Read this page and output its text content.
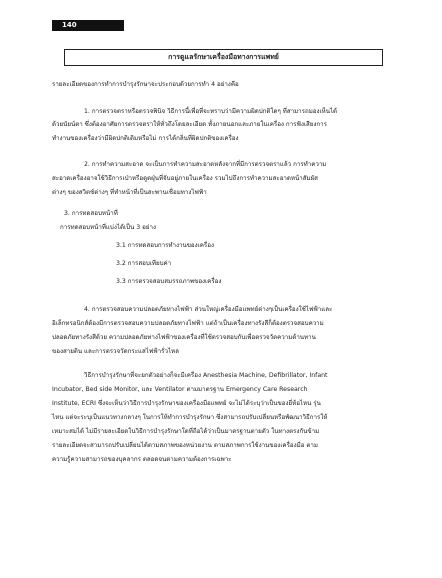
140
การดูแลรักษาเครื่องมือทางการแพทย์
รายละเอียดของการทำการบำรุงรักษาจะประกอบด้วยการทำ 4 อย่างคือ
1. การตรวจตราหรือตรวจพินิจ วิธีการนี้เพื่อที่จะทราบว่ามีความผิดปกติใดๆ ที่สามารถมองเห็นได้
ด้วยนัยน์ตา ซึ่งต้องอาศัยการตรวจตราให้ทั่วถึงโดยละเอียด ทั้งภายนอกและภายในเครื่อง การฟังเสียงการ
ทำงานของเครื่องว่ามีผิดปกติเดิมหรือไม่ การได้กลิ่นที่ผิดปกติของเครื่อง
2. การทำความสะอาด จะเป็นการทำความสะอาดหลังจากที่มีการตรวจตราแล้ว การทำความ
สะอาดเครื่องอาจใช้วิธีการเป่าหรือดูดฝุ่นที่จับอยู่ภายในเครื่อง รวมไปถึงการทำความสะอาดหน้าสัมผัส
ต่างๆ ของสวิตช์ต่างๆ ที่ทำหน้าที่เป็นสะพานเชื่อมทางไฟฟ้า
3. การทดสอบหน้าที่
การทดสอบหน้าที่แบ่งได้เป็น 3 อย่าง
3.1 การทดสอบการทำงานของเครื่อง
3.2 การสอบเทียบค่า
3.3 การตรวจสอบสมรรถภาพของเครื่อง
4. การตรวจสอบความปลอดภัยทางไฟฟ้า ส่วนใหญ่เครื่องมือแพทย์ต่างๆเป็นเครื่องใช้ไฟฟ้าและ
อิเล็กทรอนิกส์ต้องมีการตรวจสอบความปลอดภัยทางไฟฟ้า แต่ถ้าเป็นเครื่องทางรังสีก็ต้องตรวจสอบความ
ปลอดภัยทางรังสีด้วย ความปลอดภัยทางไฟฟ้าของเครื่องที่ใช้ตรวจสอบกับเพื่อตรวจวัดความต้านทาน
ของสายดิน และการตรวจวัดกระแสไฟฟ้ารั่วไหล
วิธีการบำรุงรักษาที่จะยกตัวอย่างก็จะมีเครื่อง Anesthesia Machine, Defibrillator, Infant
Incubator, Bed side Monitor, และ Ventilator ตามมาตรฐาน Emergency Care Research
Institute, ECRI ซึ่งจะเห็นว่าวิธีการบำรุงรักษาของเครื่องมือแพทย์ จะไม่ได้ระบุว่าเป็นของยี่ห้อไหน รุ่น
ไหน แต่จะระบุเป็นแนวทางกลางๆ ในการให้ทำการบำรุงรักษา ซึ่งสามารถปรับเปลี่ยนหรือพัฒนาวิธีการให้
เหมาะสมได้ ไม่มีรายละเอียดในวิธีการบำรุงรักษาใดที่ถือได้ว่าเป็นมาตรฐานตายตัว ในทางตรงกันข้าม
รายละเอียดจะสามารถปรับเปลี่ยนได้ตามสภาพของหน่วยงาน ตามสภาพการใช้งานของเครื่องมือ ตาม
ความรู้ความสามารถของบุคลากร ตลอดจนตามความต้องการเฉพาะ
